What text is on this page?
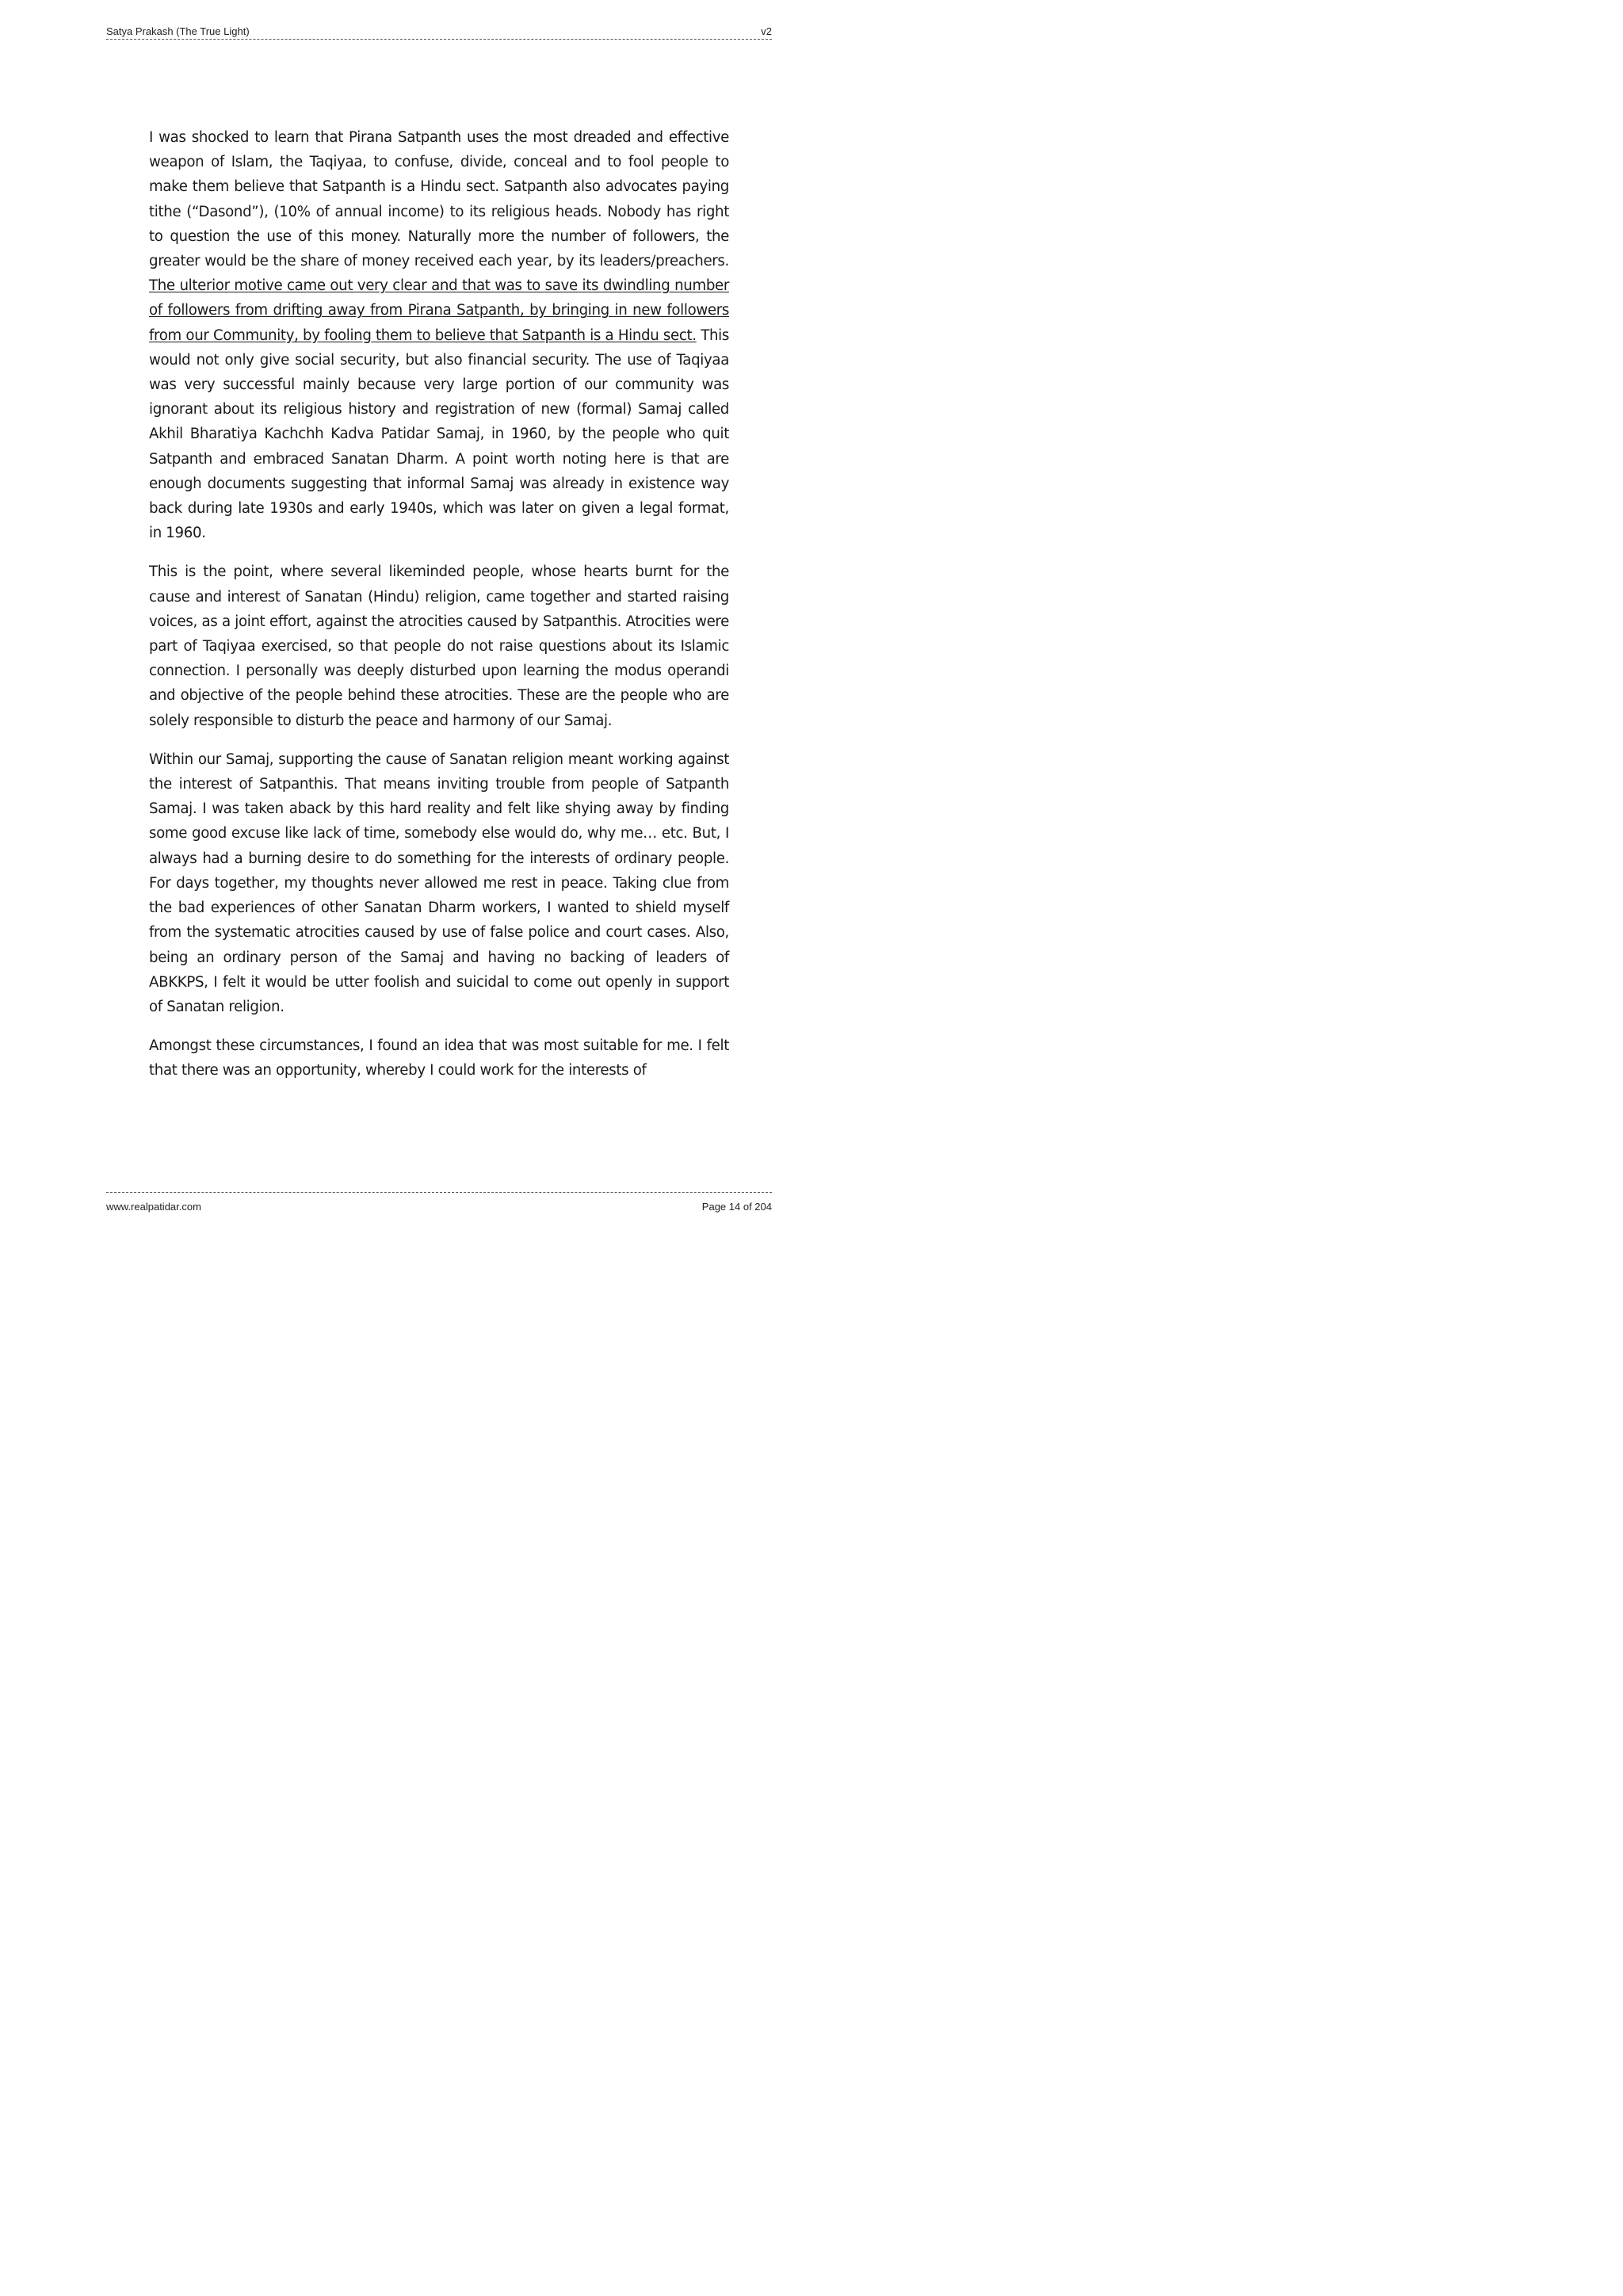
Satya Prakash (The True Light)	v2

I was shocked to learn that Pirana Satpanth uses the most dreaded and effective weapon of Islam, the Taqiyaa, to confuse, divide, conceal and to fool people to make them believe that Satpanth is a Hindu sect. Satpanth also advocates paying tithe (“Dasond”), (10% of annual income) to its religious heads. Nobody has right to question the use of this money. Naturally more the number of followers, the greater would be the share of money received each year, by its leaders/preachers. The ulterior motive came out very clear and that was to save its dwindling number of followers from drifting away from Pirana Satpanth, by bringing in new followers from our Community, by fooling them to believe that Satpanth is a Hindu sect. This would not only give social security, but also financial security. The use of Taqiyaa was very successful mainly because very large portion of our community was ignorant about its religious history and registration of new (formal) Samaj called Akhil Bharatiya Kachchh Kadva Patidar Samaj, in 1960, by the people who quit Satpanth and embraced Sanatan Dharm. A point worth noting here is that are enough documents suggesting that informal Samaj was already in existence way back during late 1930s and early 1940s, which was later on given a legal format, in 1960.

This is the point, where several likeminded people, whose hearts burnt for the cause and interest of Sanatan (Hindu) religion, came together and started raising voices, as a joint effort, against the atrocities caused by Satpanthis. Atrocities were part of Taqiyaa exercised, so that people do not raise questions about its Islamic connection. I personally was deeply disturbed upon learning the modus operandi and objective of the people behind these atrocities. These are the people who are solely responsible to disturb the peace and harmony of our Samaj.

Within our Samaj, supporting the cause of Sanatan religion meant working against the interest of Satpanthis. That means inviting trouble from people of Satpanth Samaj. I was taken aback by this hard reality and felt like shying away by finding some good excuse like lack of time, somebody else would do, why me… etc. But, I always had a burning desire to do something for the interests of ordinary people. For days together, my thoughts never allowed me rest in peace. Taking clue from the bad experiences of other Sanatan Dharm workers, I wanted to shield myself from the systematic atrocities caused by use of false police and court cases. Also, being an ordinary person of the Samaj and having no backing of leaders of ABKKPS, I felt it would be utter foolish and suicidal to come out openly in support of Sanatan religion.

Amongst these circumstances, I found an idea that was most suitable for me. I felt that there was an opportunity, whereby I could work for the interests of

www.realpatidar.com	Page 14 of 204
